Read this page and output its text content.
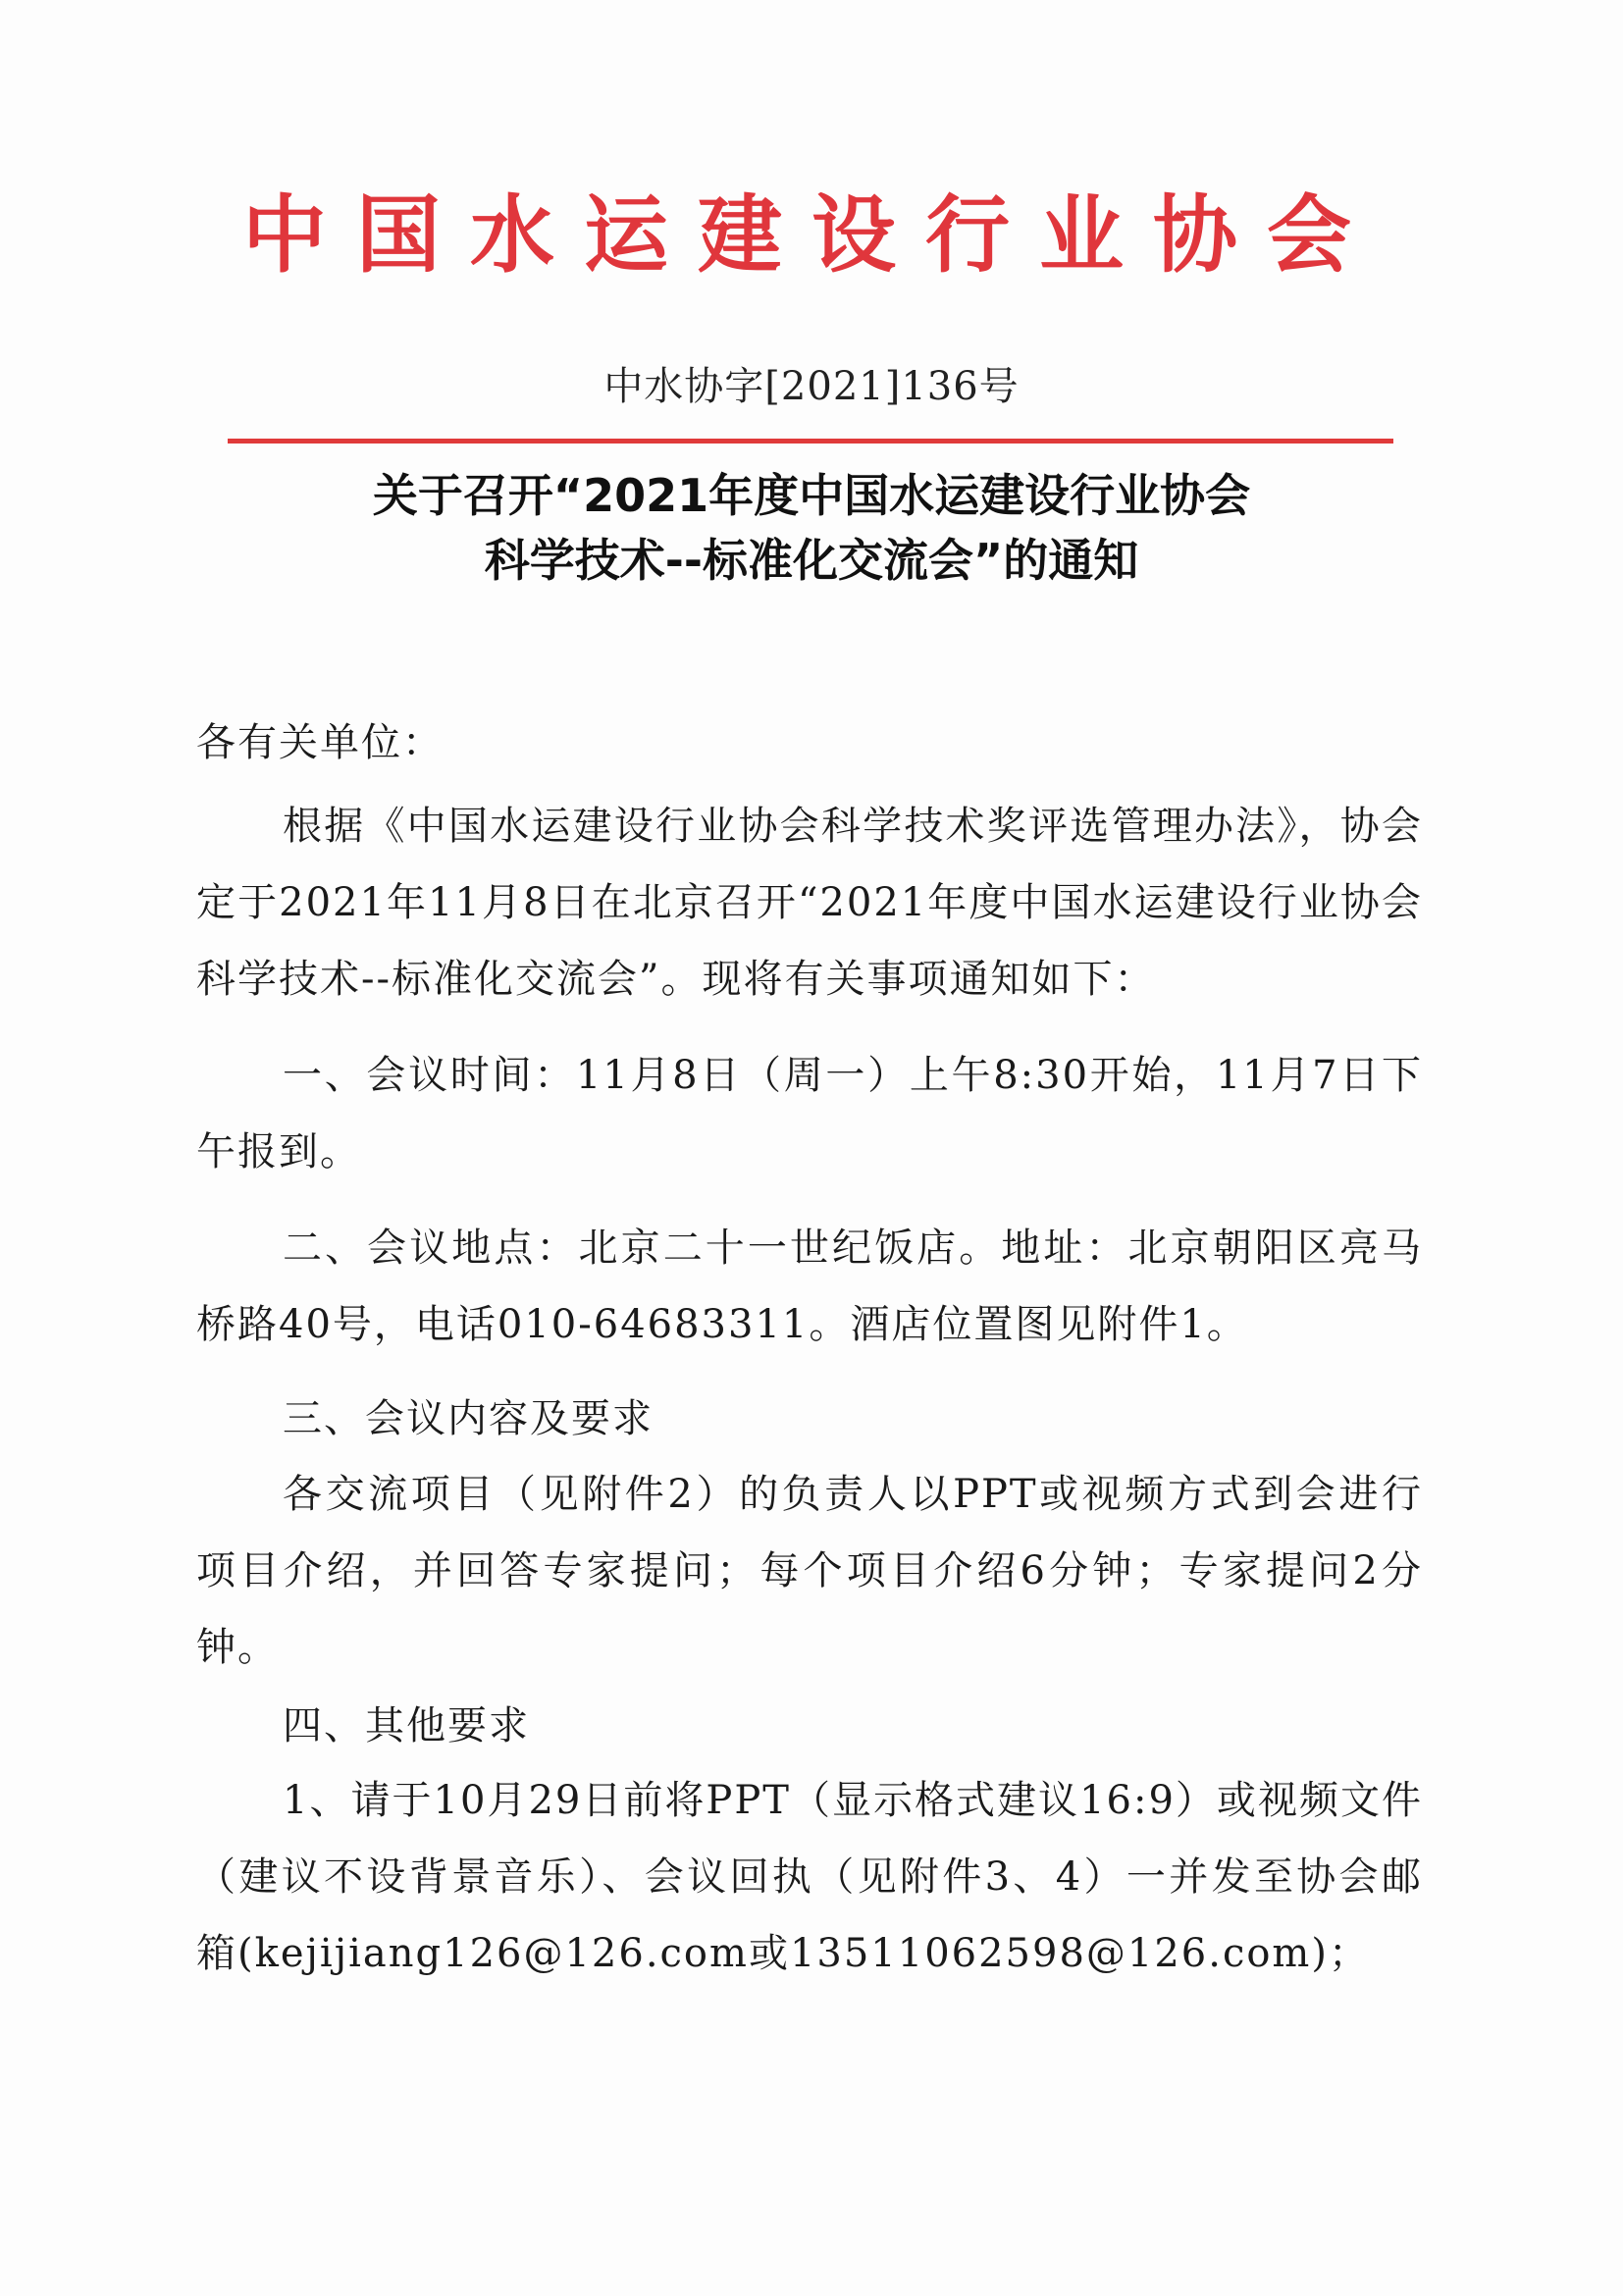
中国水运建设行业协会
中水协字[2021]136号
关于召开“2021年度中国水运建设行业协会
科学技术--标准化交流会”的通知
各有关单位：
根据《中国水运建设行业协会科学技术奖评选管理办法》，协会定于2021年11月8日在北京召开“2021年度中国水运建设行业协会科学技术--标准化交流会”。现将有关事项通知如下：
一、会议时间：11月8日（周一）上午8:30开始，11月7日下午报到。
二、会议地点：北京二十一世纪饭店。地址：北京朝阳区亮马桥路40号，电话010-64683311。酒店位置图见附件1。
三、会议内容及要求
各交流项目（见附件2）的负责人以PPT或视频方式到会进行项目介绍，并回答专家提问；每个项目介绍6分钟；专家提问2分钟。
四、其他要求
1、请于10月29日前将PPT（显示格式建议16:9）或视频文件（建议不设背景音乐）、会议回执（见附件3、4）一并发至协会邮箱(kejijiang126@126.com或13511062598@126.com)；
